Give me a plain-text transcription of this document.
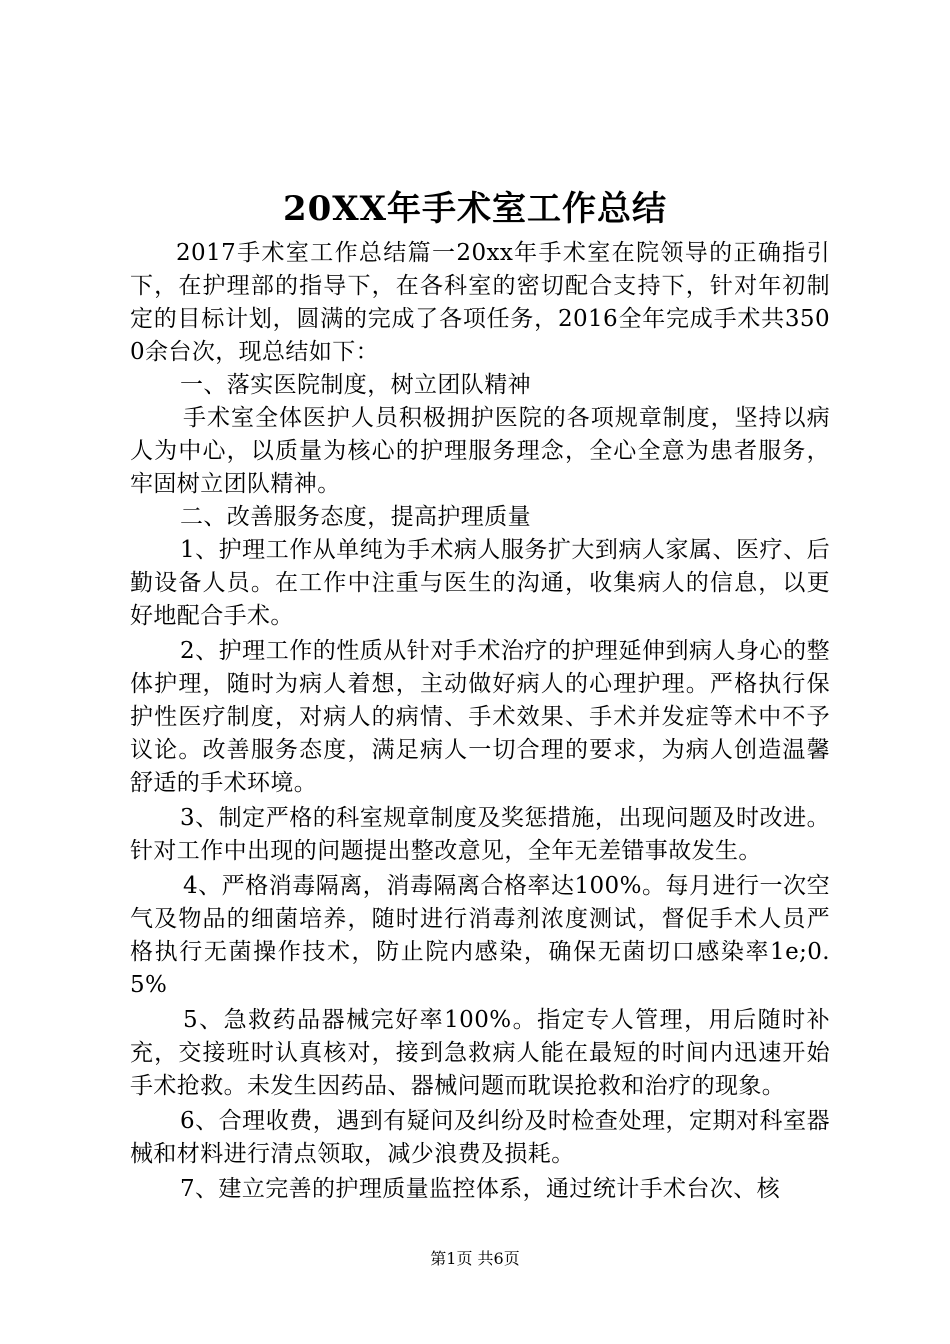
20XX年手术室工作总结

2017手术室工作总结篇一20xx年手术室在院领导的正确指引下，在护理部的指导下，在各科室的密切配合支持下，针对年初制定的目标计划，圆满的完成了各项任务，2016全年完成手术共3500余台次，现总结如下：

一、落实医院制度，树立团队精神

手术室全体医护人员积极拥护医院的各项规章制度，坚持以病人为中心，以质量为核心的护理服务理念，全心全意为患者服务，牢固树立团队精神。

二、改善服务态度，提高护理质量

1、护理工作从单纯为手术病人服务扩大到病人家属、医疗、后勤设备人员。在工作中注重与医生的沟通，收集病人的信息，以更好地配合手术。

2、护理工作的性质从针对手术治疗的护理延伸到病人身心的整体护理，随时为病人着想，主动做好病人的心理护理。严格执行保护性医疗制度，对病人的病情、手术效果、手术并发症等术中不予议论。改善服务态度，满足病人一切合理的要求，为病人创造温馨舒适的手术环境。

3、制定严格的科室规章制度及奖惩措施，出现问题及时改进。针对工作中出现的问题提出整改意见，全年无差错事故发生。

4、严格消毒隔离，消毒隔离合格率达100%。每月进行一次空气及物品的细菌培养，随时进行消毒剂浓度测试，督促手术人员严格执行无菌操作技术，防止院内感染，确保无菌切口感染率1e;0.5%

5、急救药品器械完好率100%。指定专人管理，用后随时补充，交接班时认真核对，接到急救病人能在最短的时间内迅速开始手术抢救。未发生因药品、器械问题而耽误抢救和治疗的现象。

6、合理收费，遇到有疑问及纠纷及时检查处理，定期对科室器械和材料进行清点领取，减少浪费及损耗。

7、建立完善的护理质量监控体系，通过统计手术台次、核

第1页 共6页
